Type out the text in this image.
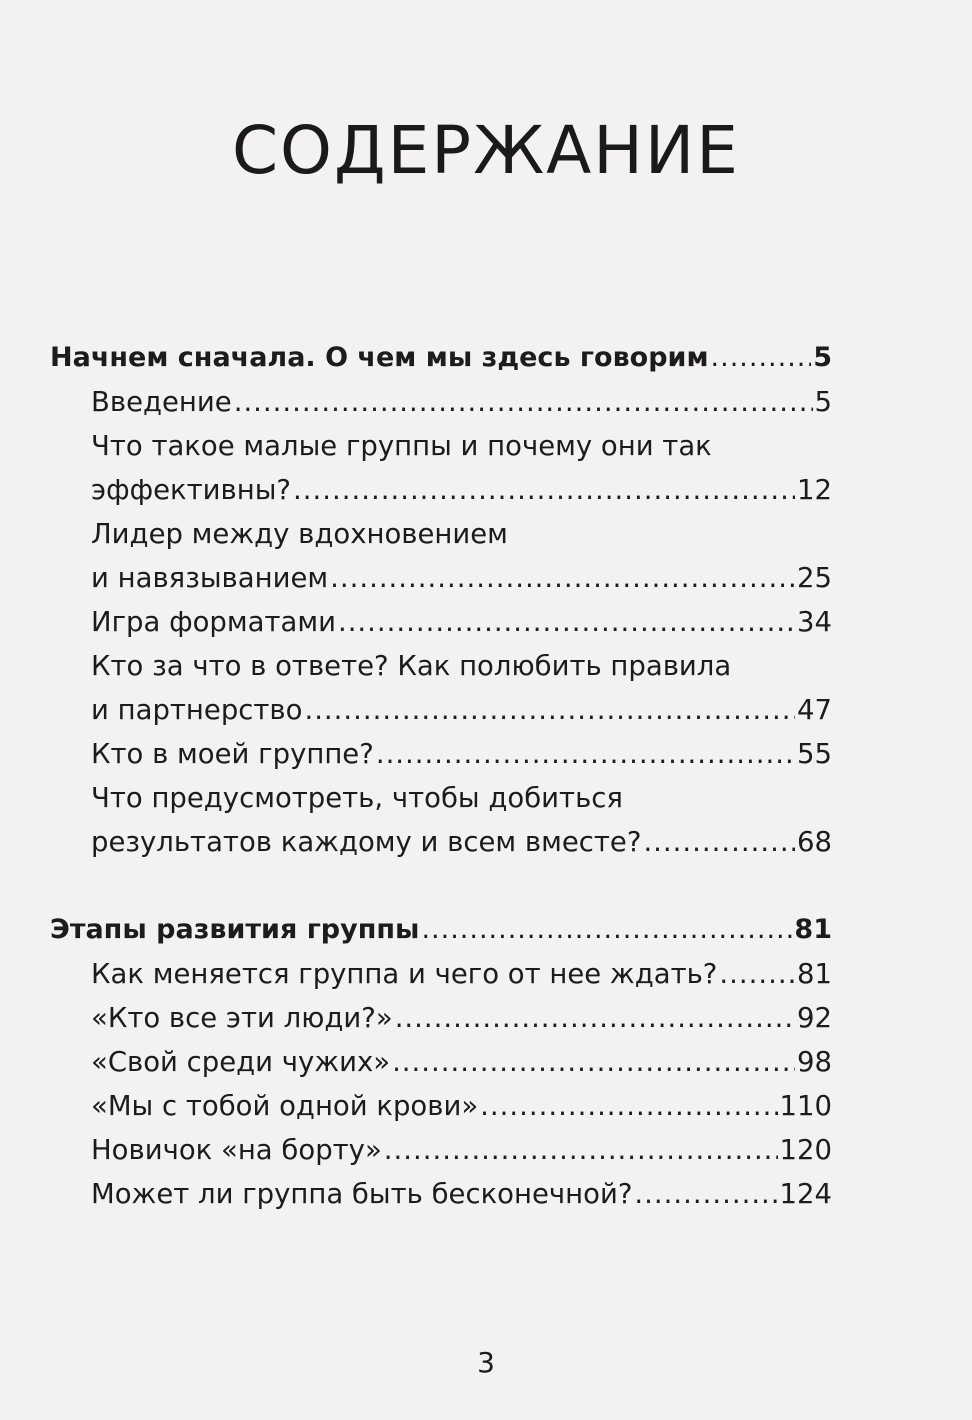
СОДЕРЖАНИЕ
Начнем сначала. О чем мы здесь говорим .....	5
Введение .....	5
Что такое малые группы и почему они так
эффективны? .....	12
Лидер между вдохновением
и навязыванием .....	25
Игра форматами .....	34
Кто за что в ответе? Как полюбить правила
и партнерство .....	47
Кто в моей группе? .....	55
Что предусмотреть, чтобы добиться
результатов каждому и всем вместе? .....	68
Этапы развития группы .....	81
Как меняется группа и чего от нее ждать? .....	81
«Кто все эти люди?» .....	92
«Свой среди чужих» .....	98
«Мы с тобой одной крови» .....	110
Новичок «на борту» .....	120
Может ли группа быть бесконечной? .....	124
3
